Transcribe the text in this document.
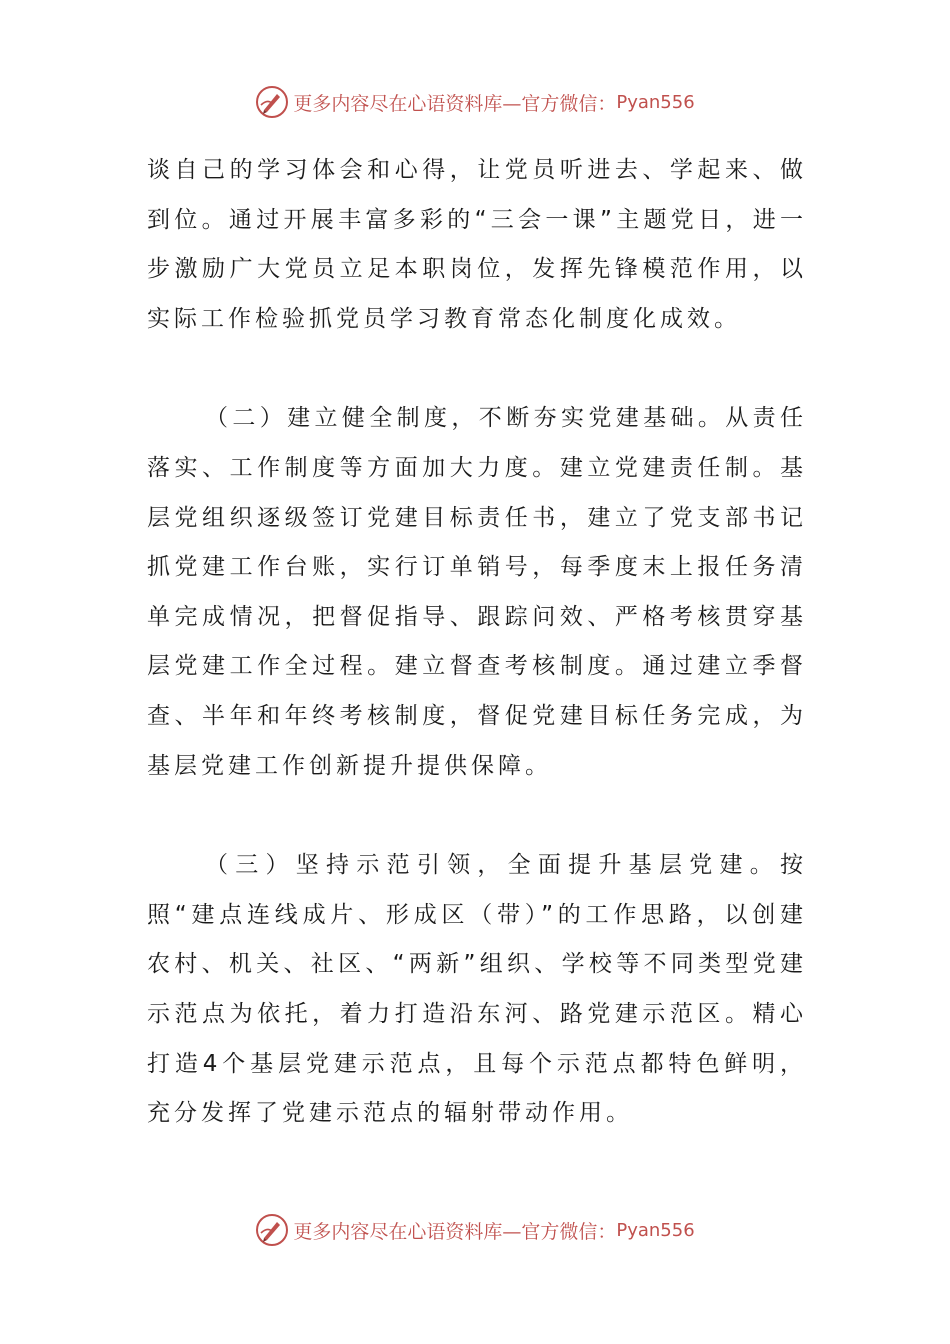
更多内容尽在心语资料库—官方微信： Pyan556

谈自己的学习体会和心得，让党员听进去、学起来、做到位。通过开展丰富多彩的“三会一课”主题党日，进一步激励广大党员立足本职岗位，发挥先锋模范作用，以实际工作检验抓党员学习教育常态化制度化成效。

（二）建立健全制度，不断夯实党建基础。从责任落实、工作制度等方面加大力度。建立党建责任制。基层党组织逐级签订党建目标责任书，建立了党支部书记抓党建工作台账，实行订单销号，每季度末上报任务清单完成情况，把督促指导、跟踪问效、严格考核贯穿基层党建工作全过程。建立督查考核制度。通过建立季督查、半年和年终考核制度，督促党建目标任务完成，为基层党建工作创新提升提供保障。

（三）坚持示范引领，全面提升基层党建。按照“建点连线成片、形成区（带）”的工作思路，以创建农村、机关、社区、“两新”组织、学校等不同类型党建示范点为依托，着力打造沿东河、路党建示范区。精心打造4个基层党建示范点，且每个示范点都特色鲜明，充分发挥了党建示范点的辐射带动作用。

更多内容尽在心语资料库—官方微信： Pyan556
